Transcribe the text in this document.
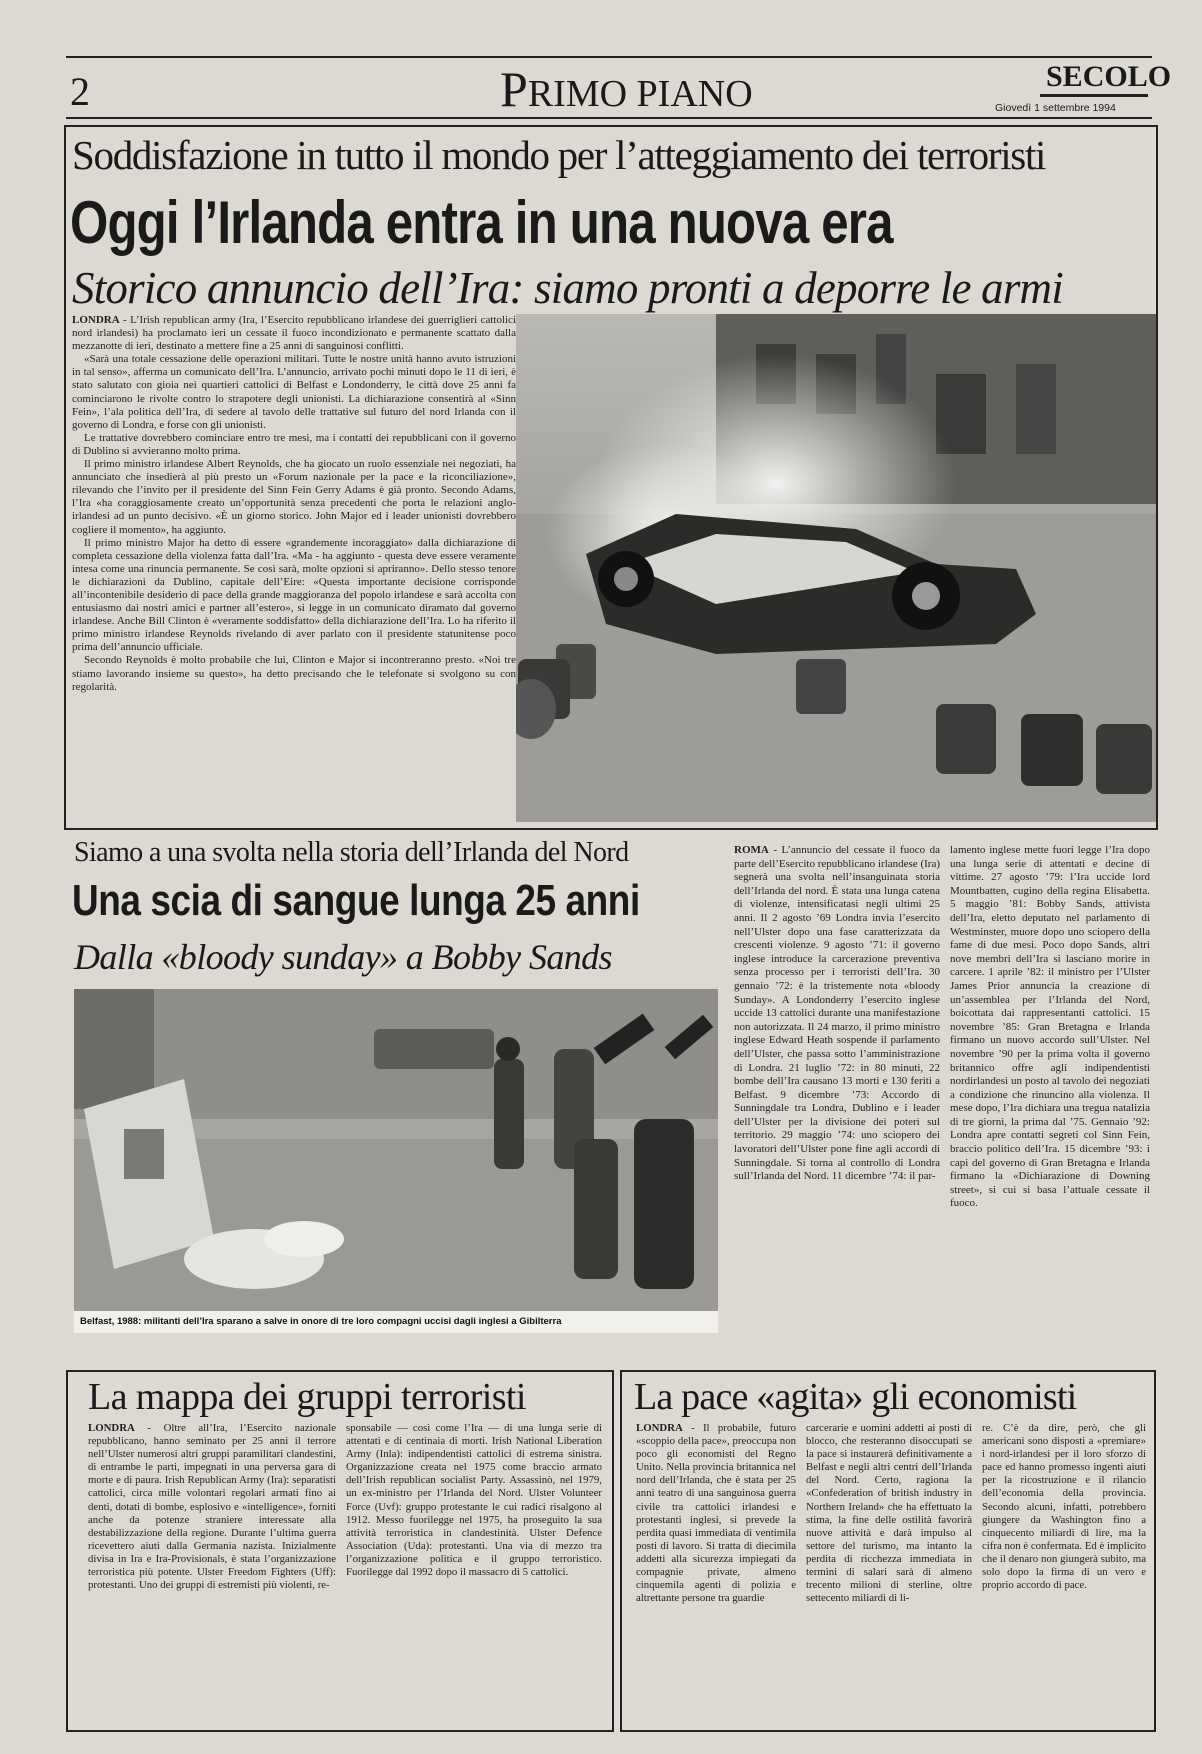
2	PRIMO PIANO	SECOLO
Giovedì 1 settembre 1994
Soddisfazione in tutto il mondo per l’atteggiamento dei terroristi
Oggi l’Irlanda entra in una nuova era
Storico annuncio dell’Ira: siamo pronti a deporre le armi

LONDRA - L’Irish republican army (Ira, l’Esercito repubblicano irlandese dei guerriglieri cattolici nord irlandesi) ha proclamato ieri un cessate il fuoco incondizionato e permanente scattato dalla mezzanotte di ieri, destinato a mettere fine a 25 anni di sanguinosi conflitti.

«Sarà una totale cessazione delle operazioni militari. Tutte le nostre unità hanno avuto istruzioni in tal senso», afferma un comunicato dell’Ira. L’annuncio, arrivato pochi minuti dopo le 11 di ieri, è stato salutato con gioia nei quartieri cattolici di Belfast e Londonderry, le città dove 25 anni fa cominciarono le rivolte contro lo strapotere degli unionisti. La dichiarazione consentirà al «Sinn Fein», l’ala politica dell’Ira, di sedere al tavolo delle trattative sul futuro del nord Irlanda con il governo di Londra, e forse con gli unionisti.

Le trattative dovrebbero cominciare entro tre mesi, ma i contatti dei repubblicani con il governo di Dublino si avvieranno molto prima.

Il primo ministro irlandese Albert Reynolds, che ha giocato un ruolo essenziale nei negoziati, ha annunciato che insedierà al più presto un «Forum nazionale per la pace e la riconciliazione», rilevando che l’invito per il presidente del Sinn Fein Gerry Adams è già pronto. Secondo Adams, l’Ira «ha coraggiosamente creato un’opportunità senza precedenti che porta le relazioni anglo-irlandesi ad un punto decisivo. «È un giorno storico. John Major ed i leader unionisti dovrebbero cogliere il momento», ha aggiunto.

Il primo ministro Major ha detto di essere «grandemente incoraggiato» dalla dichiarazione di completa cessazione della violenza fatta dall’Ira. «Ma - ha aggiunto - questa deve essere veramente intesa come una rinuncia permanente. Se così sarà, molte opzioni si apriranno». Dello stesso tenore le dichiarazioni da Dublino, capitale dell’Eire: «Questa importante decisione corrisponde all’incontenibile desiderio di pace della grande maggioranza del popolo irlandese e sarà accolta con entusiasmo dai nostri amici e partner all’estero», si legge in un comunicato diramato dal governo irlandese. Anche Bill Clinton è «veramente soddisfatto» della dichiarazione dell’Ira. Lo ha riferito il primo ministro irlandese Reynolds rivelando di aver parlato con il presidente statunitense poco prima dell’annuncio ufficiale.

Secondo Reynolds è molto probabile che lui, Clinton e Major si incontreranno presto. «Noi tre stiamo lavorando insieme su questo», ha detto precisando che le telefonate si svolgono su con regolarità.

Siamo a una svolta nella storia dell’Irlanda del Nord
Una scia di sangue lunga 25 anni
Dalla «bloody sunday» a Bobby Sands
Belfast, 1988: militanti dell’Ira sparano a salve in onore di tre loro compagni uccisi dagli inglesi a Gibilterra

ROMA - L’annuncio del cessate il fuoco da parte dell’Esercito repubblicano irlandese (Ira) segnerà una svolta nell’insanguinata storia dell’Irlanda del nord. È stata una lunga catena di violenze, intensificatasi negli ultimi 25 anni. Il 2 agosto ’69 Londra invia l’esercito nell’Ulster dopo una fase caratterizzata da crescenti violenze. 9 agosto ’71: il governo inglese introduce la carcerazione preventiva senza processo per i terroristi dell’Ira. 30 gennaio ’72: è la tristemente nota «bloody Sunday». A Londonderry l’esercito inglese uccide 13 cattolici durante una manifestazione non autorizzata. Il 24 marzo, il primo ministro inglese Edward Heath sospende il parlamento dell’Ulster, che passa sotto l’amministrazione di Londra. 21 luglio ’72: in 80 minuti, 22 bombe dell’Ira causano 13 morti e 130 feriti a Belfast. 9 dicembre ’73: Accordo di Sunningdale tra Londra, Dublino e i leader dell’Ulster per la divisione dei poteri sul territorio. 29 maggio ’74: uno sciopero dei lavoratori dell’Ulster pone fine agli accordi di Sunningdale. Si torna al controllo di Londra sull’Irlanda del Nord. 11 dicembre ’74: il par-

lamento inglese mette fuori legge l’Ira dopo una lunga serie di attentati e decine di vittime. 27 agosto ’79: l’Ira uccide lord Mountbatten, cugino della regina Elisabetta. 5 maggio ’81: Bobby Sands, attivista dell’Ira, eletto deputato nel parlamento di Westminster, muore dopo uno sciopero della fame di due mesi. Poco dopo Sands, altri nove membri dell’Ira si lasciano morire in carcere. 1 aprile ’82: il ministro per l’Ulster James Prior annuncia la creazione di un’assemblea per l’Irlanda del Nord, boicottata dai rappresentanti cattolici. 15 novembre ’85: Gran Bretagna e Irlanda firmano un nuovo accordo sull’Ulster. Nel novembre ’90 per la prima volta il governo britannico offre agli indipendentisti nordirlandesi un posto al tavolo dei negoziati a condizione che rinuncino alla violenza. Il mese dopo, l’Ira dichiara una tregua natalizia di tre giorni, la prima dal ’75. Gennaio ’92: Londra apre contatti segreti col Sinn Fein, braccio politico dell’Ira. 15 dicembre ’93: i capi del governo di Gran Bretagna e Irlanda firmano la «Dichiarazione di Downing street», si cui si basa l’attuale cessate il fuoco.

La mappa dei gruppi terroristi

LONDRA - Oltre all’Ira, l’Esercito nazionale repubblicano, hanno seminato per 25 anni il terrore nell’Ulster numerosi altri gruppi paramilitari clandestini, di entrambe le parti, impegnati in una perversa gara di morte e di paura. Irish Republican Army (Ira): separatisti cattolici, circa mille volontari regolari armati fino ai denti, dotati di bombe, esplosivo e «intelligence», forniti anche da potenze straniere interessate alla destabilizzazione della regione. Durante l’ultima guerra ricevettero aiuti dalla Germania nazista. Inizialmente divisa in Ira e Ira-Provisionals, è stata l’organizzazione terroristica più potente. Ulster Freedom Fighters (Uff): protestanti. Uno dei gruppi di estremisti più violenti, re-

sponsabile — così come l’Ira — di una lunga serie di attentati e di centinaia di morti. Irish National Liberation Army (Inla): indipendentisti cattolici di estrema sinistra. Organizzazione creata nel 1975 come braccio armato dell’Irish republican socialist Party. Assassinò, nel 1979, un ex-ministro per l’Irlanda del Nord. Ulster Volunteer Force (Uvf): gruppo protestante le cui radici risalgono al 1912. Messo fuorilegge nel 1975, ha proseguito la sua attività terroristica in clandestinità. Ulster Defence Association (Uda): protestanti. Una via di mezzo tra l’organizzazione politica e il gruppo terroristico. Fuorilegge dal 1992 dopo il massacro di 5 cattolici.

La pace «agita» gli economisti

LONDRA - Il probabile, futuro «scoppio della pace», preoccupa non poco gli economisti del Regno Unito. Nella provincia britannica nel nord dell’Irlanda, che è stata per 25 anni teatro di una sanguinosa guerra civile tra cattolici irlandesi e protestanti inglesi, si prevede la perdita quasi immediata di ventimila posti di lavoro. Si tratta di diecimila addetti alla sicurezza impiegati da compagnie private, almeno cinquemila agenti di polizia e altrettante persone tra guardie

carcerarie e uomini addetti ai posti di blocco, che resteranno disoccupati se la pace si instaurerà definitivamente a Belfast e negli altri centri dell’Irlanda del Nord. Certo, ragiona la «Confederation of british industry in Northern Ireland» che ha effettuato la stima, la fine delle ostilità favorirà nuove attività e darà impulso al settore del turismo, ma intanto la perdita di ricchezza immediata in termini di salari sarà di almeno trecento milioni di sterline, oltre settecento miliardi di li-

re. C’è da dire, però, che gli americani sono disposti a «premiare» i nord-irlandesi per il loro sforzo di pace ed hanno promesso ingenti aiuti per la ricostruzione e il rilancio dell’economia della provincia. Secondo alcuni, infatti, potrebbero giungere da Washington fino a cinquecento miliardi di lire, ma la cifra non è confermata. Ed è implicito che il denaro non giungerà subito, ma solo dopo la firma di un vero e proprio accordo di pace.
